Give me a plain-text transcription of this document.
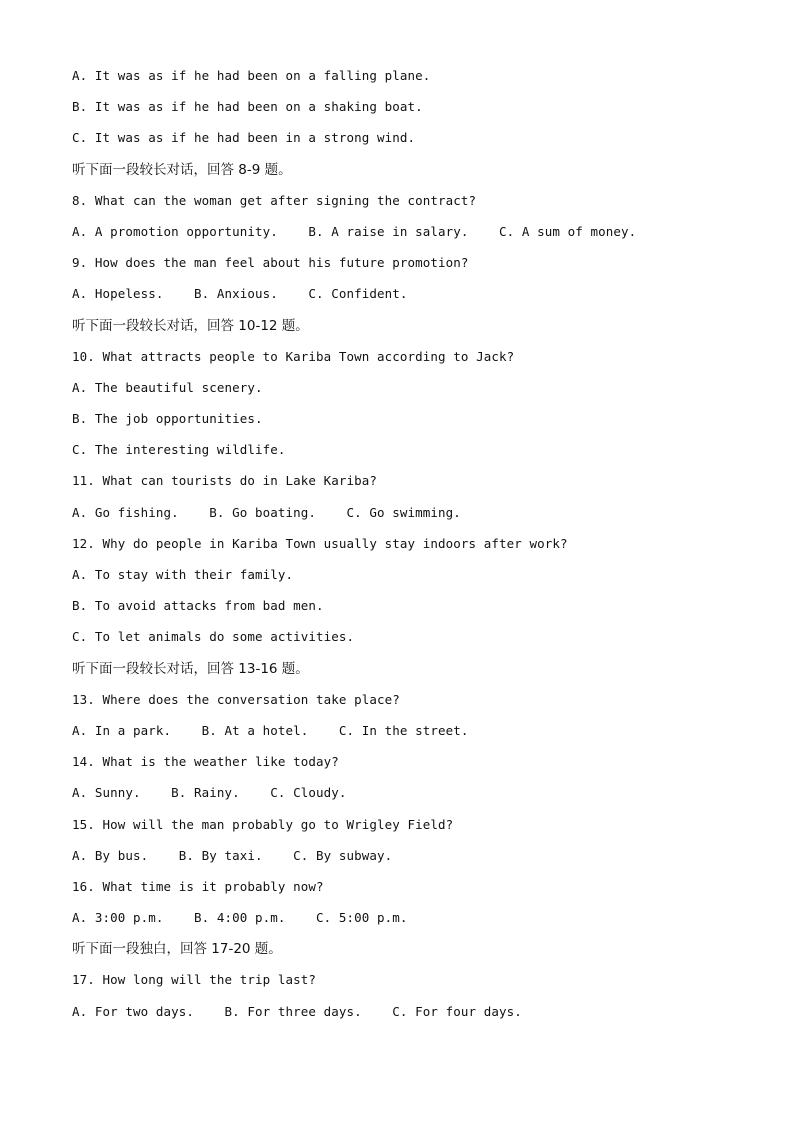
A. It was as if he had been on a falling plane.
B. It was as if he had been on a shaking boat.
C. It was as if he had been in a strong wind.
听下面一段较长对话，回答 8-9 题。
8. What can the woman get after signing the contract?
A. A promotion opportunity.    B. A raise in salary.    C. A sum of money.
9. How does the man feel about his future promotion?
A. Hopeless.    B. Anxious.    C. Confident.
听下面一段较长对话，回答 10-12 题。
10. What attracts people to Kariba Town according to Jack?
A. The beautiful scenery.
B. The job opportunities.
C. The interesting wildlife.
11. What can tourists do in Lake Kariba?
A. Go fishing.    B. Go boating.    C. Go swimming.
12. Why do people in Kariba Town usually stay indoors after work?
A. To stay with their family.
B. To avoid attacks from bad men.
C. To let animals do some activities.
听下面一段较长对话，回答 13-16 题。
13. Where does the conversation take place?
A. In a park.    B. At a hotel.    C. In the street.
14. What is the weather like today?
A. Sunny.    B. Rainy.    C. Cloudy.
15. How will the man probably go to Wrigley Field?
A. By bus.    B. By taxi.    C. By subway.
16. What time is it probably now?
A. 3:00 p.m.    B. 4:00 p.m.    C. 5:00 p.m.
听下面一段独白，回答 17-20 题。
17. How long will the trip last?
A. For two days.    B. For three days.    C. For four days.
